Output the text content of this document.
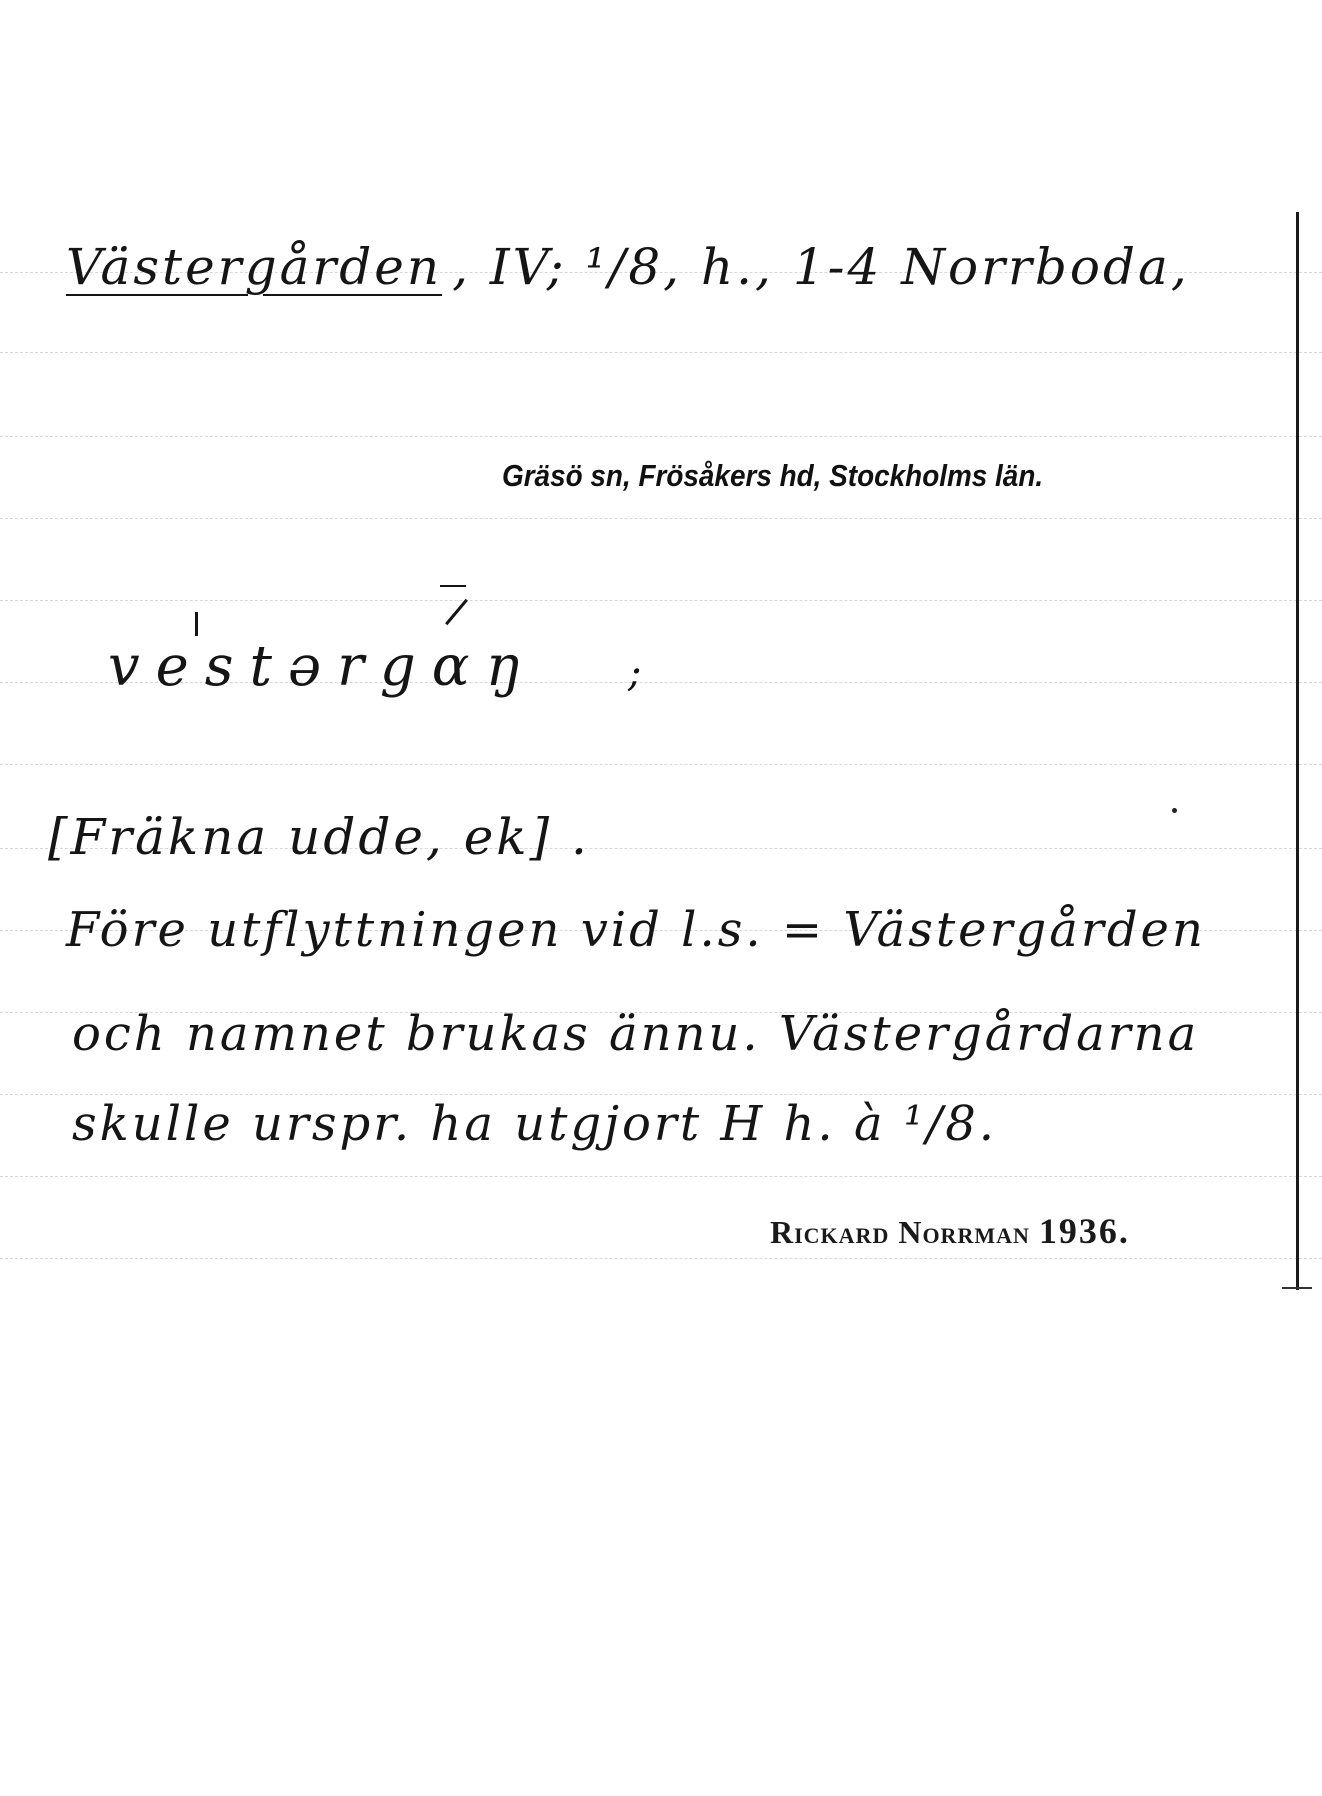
Västergården , IV; ¹/8, h., 1-4 Norrboda,
Gräsö sn, Frösåkers hd, Stockholms län.
vestərgɑŋ ;
[Fräkna udde, ek] .
Före utflyttningen vid l.s. = Västergården
och namnet brukas ännu. Västergårdarna
skulle urspr. ha utgjort H h. à ¹/8.
Rickard Norrman 1936.
